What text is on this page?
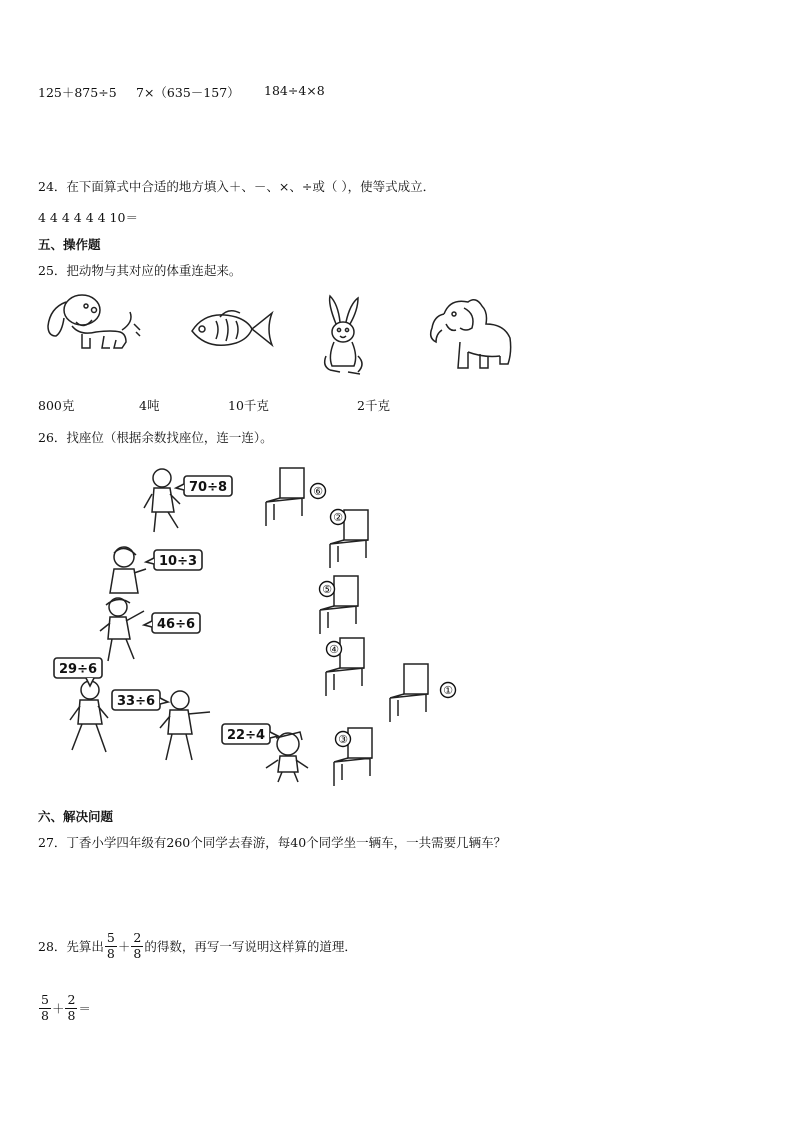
125＋875÷5 7×（635－157） 184÷4×8
24．在下面算式中合适的地方填入＋、－、×、÷或（ ），使等式成立．
4 4 4 4 4 4 10＝
五、操作题
25．把动物与其对应的体重连起来。
800克	4吨	10千克	2千克
26．找座位（根据余数找座位，连一连）。
70÷8
10÷3
46÷6
29÷6
33÷6
22÷4
⑥
②
⑤
④
①
③
六、解决问题
27．丁香小学四年级有260个同学去春游，每40个同学坐一辆车，一共需要几辆车？
28．先算出 $\frac{5}{8} + \frac{2}{8}$ 的得数，再写一写说明这样算的道理．
$\frac{5}{8} + \frac{2}{8}$ ＝
